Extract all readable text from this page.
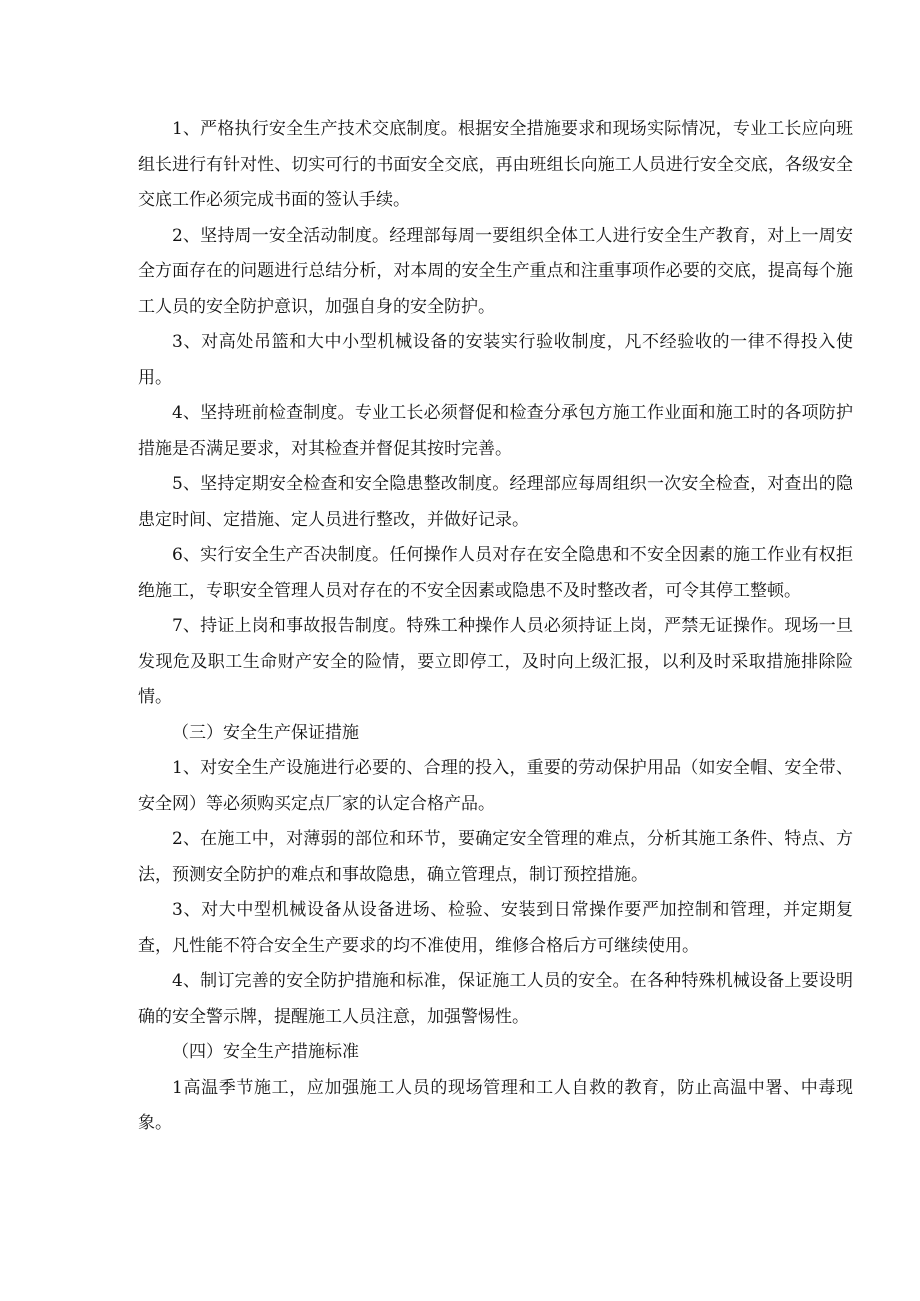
1、严格执行安全生产技术交底制度。根据安全措施要求和现场实际情况，专业工长应向班组长进行有针对性、切实可行的书面安全交底，再由班组长向施工人员进行安全交底，各级安全交底工作必须完成书面的签认手续。

2、坚持周一安全活动制度。经理部每周一要组织全体工人进行安全生产教育，对上一周安全方面存在的问题进行总结分析，对本周的安全生产重点和注重事项作必要的交底，提高每个施工人员的安全防护意识，加强自身的安全防护。

3、对高处吊篮和大中小型机械设备的安装实行验收制度，凡不经验收的一律不得投入使用。

4、坚持班前检查制度。专业工长必须督促和检查分承包方施工作业面和施工时的各项防护措施是否满足要求，对其检查并督促其按时完善。

5、坚持定期安全检查和安全隐患整改制度。经理部应每周组织一次安全检查，对查出的隐患定时间、定措施、定人员进行整改，并做好记录。

6、实行安全生产否决制度。任何操作人员对存在安全隐患和不安全因素的施工作业有权拒绝施工，专职安全管理人员对存在的不安全因素或隐患不及时整改者，可令其停工整顿。

7、持证上岗和事故报告制度。特殊工种操作人员必须持证上岗，严禁无证操作。现场一旦发现危及职工生命财产安全的险情，要立即停工，及时向上级汇报，以利及时采取措施排除险情。

（三）安全生产保证措施

1、对安全生产设施进行必要的、合理的投入，重要的劳动保护用品（如安全帽、安全带、安全网）等必须购买定点厂家的认定合格产品。

2、在施工中，对薄弱的部位和环节，要确定安全管理的难点，分析其施工条件、特点、方法，预测安全防护的难点和事故隐患，确立管理点，制订预控措施。

3、对大中型机械设备从设备进场、检验、安装到日常操作要严加控制和管理，并定期复查，凡性能不符合安全生产要求的均不准使用，维修合格后方可继续使用。

4、制订完善的安全防护措施和标准，保证施工人员的安全。在各种特殊机械设备上要设明确的安全警示牌，提醒施工人员注意，加强警惕性。

（四）安全生产措施标准

1高温季节施工，应加强施工人员的现场管理和工人自救的教育，防止高温中署、中毒现象。
